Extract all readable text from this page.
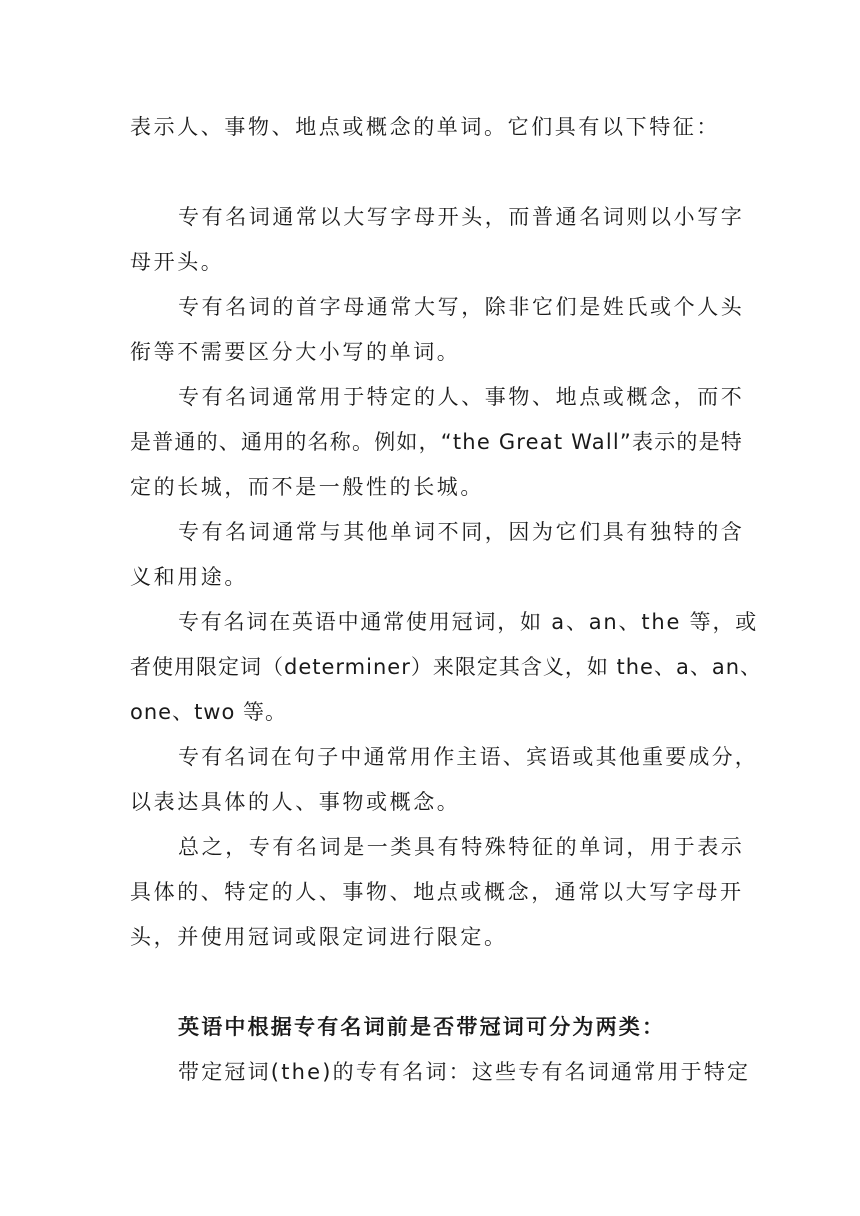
表示人、事物、地点或概念的单词。它们具有以下特征：
专有名词通常以大写字母开头，而普通名词则以小写字
母开头。
专有名词的首字母通常大写，除非它们是姓氏或个人头
衔等不需要区分大小写的单词。
专有名词通常用于特定的人、事物、地点或概念，而不
是普通的、通用的名称。例如，“the Great Wall”表示的是特
定的长城，而不是一般性的长城。
专有名词通常与其他单词不同，因为它们具有独特的含
义和用途。
专有名词在英语中通常使用冠词，如 a、an、the 等，或
者使用限定词（determiner）来限定其含义，如 the、a、an、
one、two 等。
专有名词在句子中通常用作主语、宾语或其他重要成分，
以表达具体的人、事物或概念。
总之，专有名词是一类具有特殊特征的单词，用于表示
具体的、特定的人、事物、地点或概念，通常以大写字母开
头，并使用冠词或限定词进行限定。
英语中根据专有名词前是否带冠词可分为两类：
带定冠词(the)的专有名词：这些专有名词通常用于特定
